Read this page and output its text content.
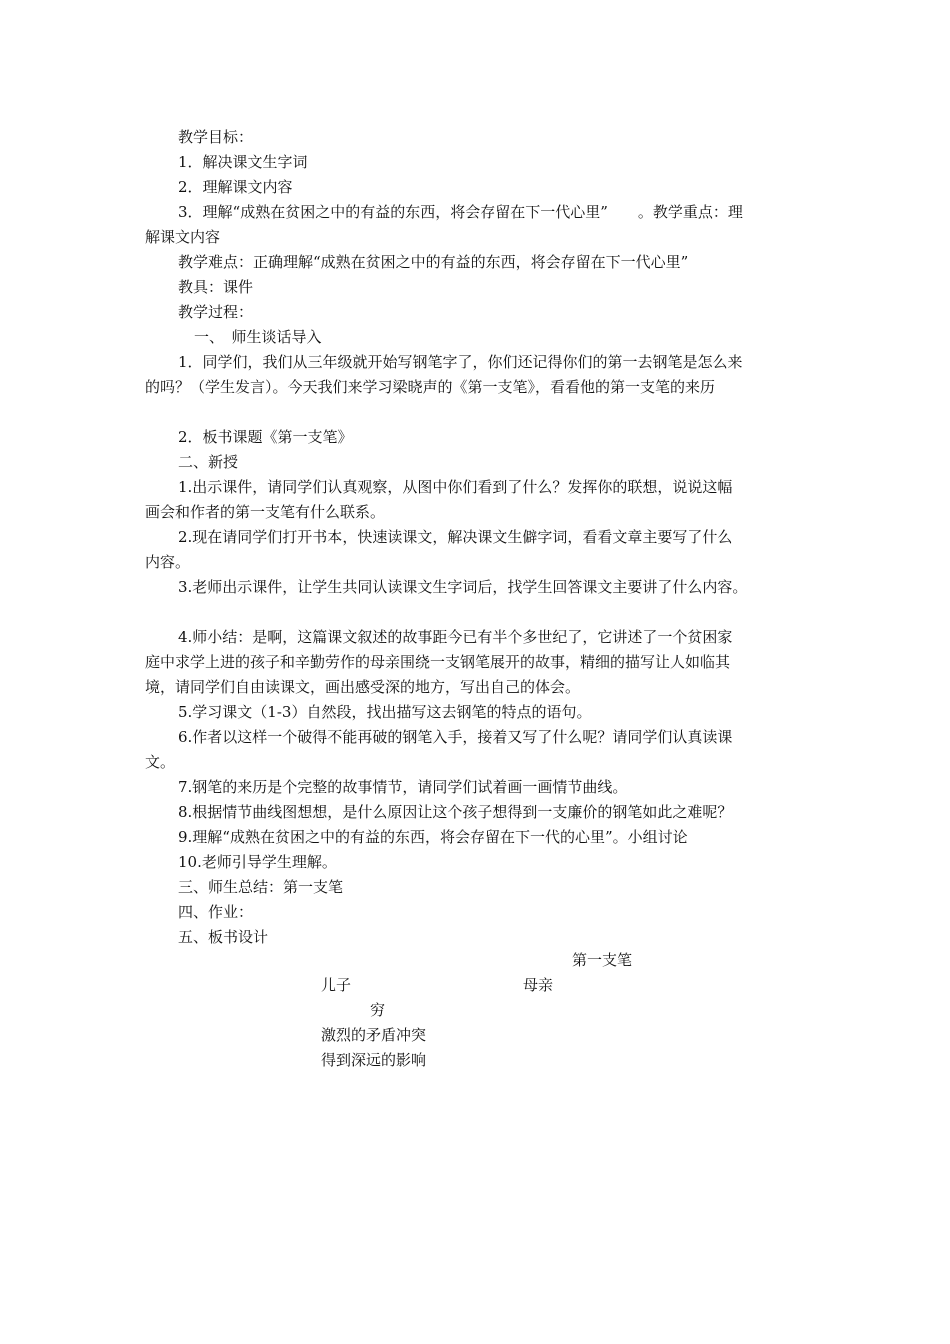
教学目标：
1．解决课文生字词
2．理解课文内容
3．理解“成熟在贫困之中的有益的东西，将会存留在下一代心里”　　。教学重点：理
解课文内容
教学难点：正确理解“成熟在贫困之中的有益的东西，将会存留在下一代心里”
教具：课件
教学过程：
一、　师生谈话导入
1．同学们，我们从三年级就开始写钢笔字了，你们还记得你们的第一去钢笔是怎么来
的吗？（学生发言）。今天我们来学习梁晓声的《第一支笔》，看看他的第一支笔的来历
2．板书课题《第一支笔》
二、新授
1.出示课件，请同学们认真观察，从图中你们看到了什么？发挥你的联想，说说这幅
画会和作者的第一支笔有什么联系。
2.现在请同学们打开书本，快速读课文，解决课文生僻字词，看看文章主要写了什么
内容。
3.老师出示课件，让学生共同认读课文生字词后，找学生回答课文主要讲了什么内容。
4.师小结：是啊，这篇课文叙述的故事距今已有半个多世纪了，它讲述了一个贫困家
庭中求学上进的孩子和辛勤劳作的母亲围绕一支钢笔展开的故事，精细的描写让人如临其
境，请同学们自由读课文，画出感受深的地方，写出自己的体会。
5.学习课文（1-3）自然段，找出描写这去钢笔的特点的语句。
6.作者以这样一个破得不能再破的钢笔入手，接着又写了什么呢？请同学们认真读课
文。
7.钢笔的来历是个完整的故事情节，请同学们试着画一画情节曲线。
8.根据情节曲线图想想，是什么原因让这个孩子想得到一支廉价的钢笔如此之难呢？
9.理解“成熟在贫困之中的有益的东西，将会存留在下一代的心里”。小组讨论
10.老师引导学生理解。
三、师生总结：第一支笔
四、作业：
五、板书设计
第一支笔
儿子	母亲
穷
激烈的矛盾冲突
得到深远的影响
